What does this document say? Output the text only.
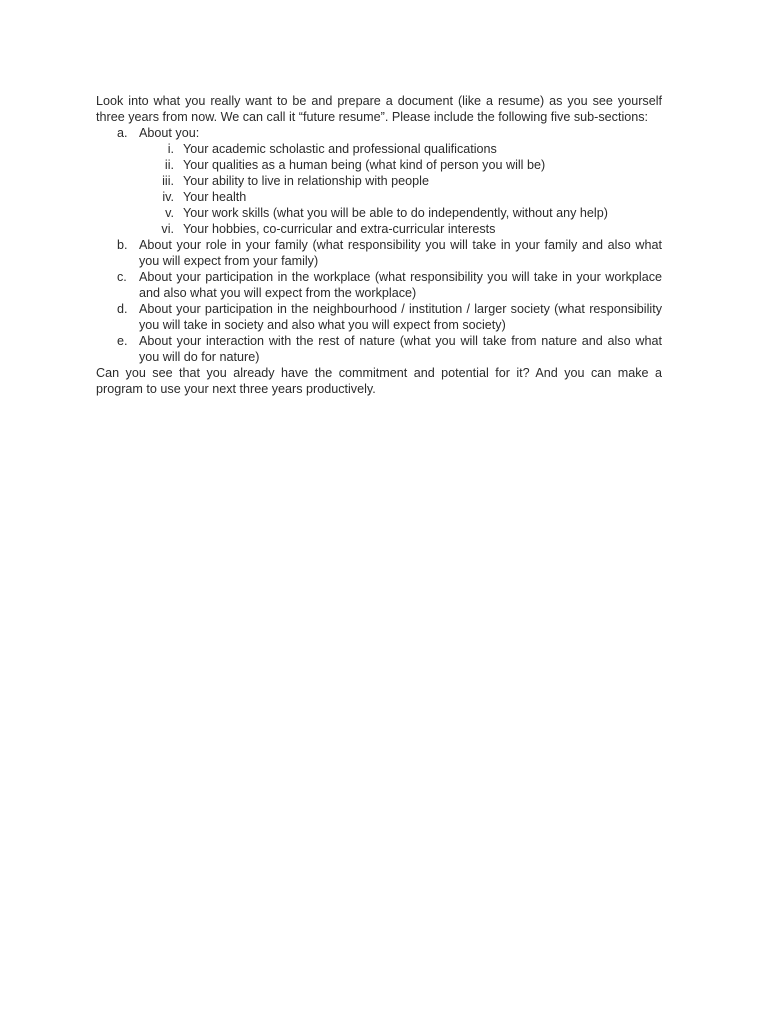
Look into what you really want to be and prepare a document (like a resume) as you see yourself three years from now. We can call it “future resume”. Please include the following five sub-sections:

a. About you:
i. Your academic scholastic and professional qualifications
ii. Your qualities as a human being (what kind of person you will be)
iii. Your ability to live in relationship with people
iv. Your health
v. Your work skills (what you will be able to do independently, without any help)
vi. Your hobbies, co-curricular and extra-curricular interests
b. About your role in your family (what responsibility you will take in your family and also what you will expect from your family)
c. About your participation in the workplace (what responsibility you will take in your workplace and also what you will expect from the workplace)
d. About your participation in the neighbourhood / institution / larger society (what responsibility you will take in society and also what you will expect from society)
e. About your interaction with the rest of nature (what you will take from nature and also what you will do for nature)

Can you see that you already have the commitment and potential for it? And you can make a program to use your next three years productively.
